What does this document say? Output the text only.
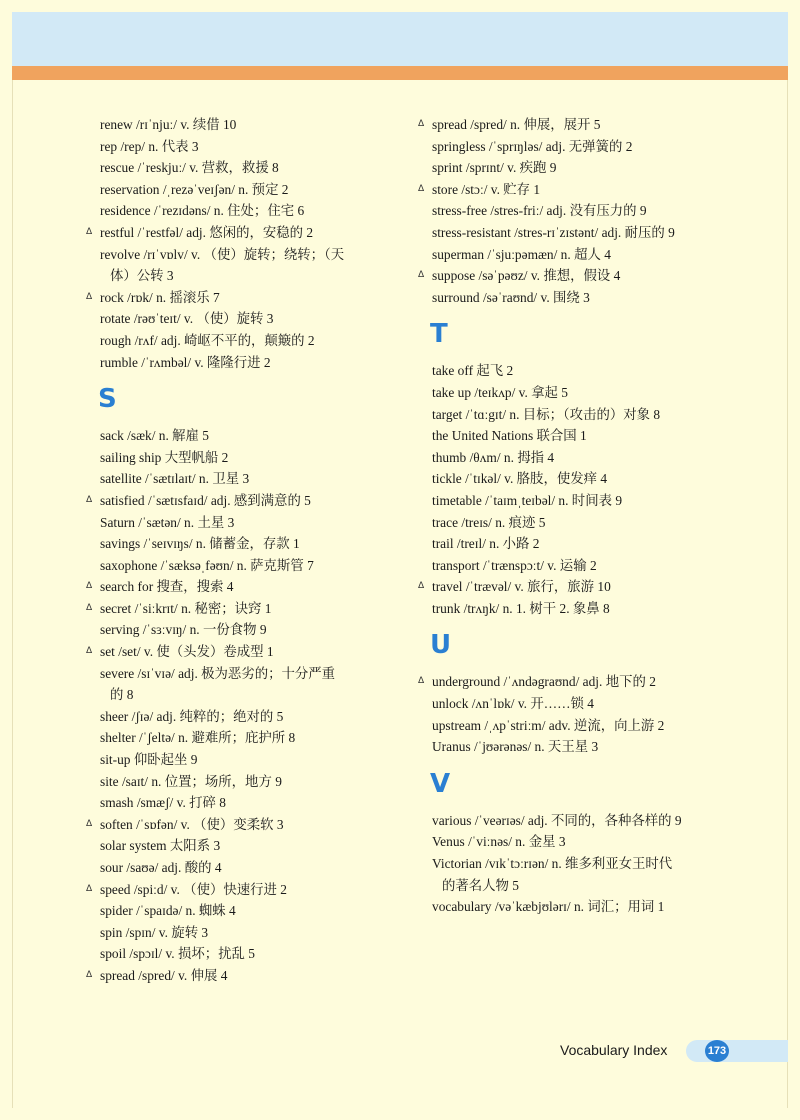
renew /rɪˈnjuː/ v. 续借 10
rep /rep/ n. 代表 3
rescue /ˈreskjuː/ v. 营救，救援 8
reservation /ˌrezəˈveɪʃən/ n. 预定 2
residence /ˈrezɪdəns/ n. 住处；住宅 6
Δ restful /ˈrestfəl/ adj. 悠闲的，安稳的 2
revolve /rɪˈvɒlv/ v. （使）旋转；绕转；（天
体）公转 3
Δ rock /rɒk/ n. 摇滚乐 7
rotate /rəʊˈteɪt/ v. （使）旋转 3
rough /rʌf/ adj. 崎岖不平的，颠簸的 2
rumble /ˈrʌmbəl/ v. 隆隆行进 2
S
sack /sæk/ n. 解雇 5
sailing ship 大型帆船 2
satellite /ˈsætɪlaɪt/ n. 卫星 3
Δ satisfied /ˈsætɪsfaɪd/ adj. 感到满意的 5
Saturn /ˈsætən/ n. 土星 3
savings /ˈseɪvɪŋs/ n. 储蓄金，存款 1
saxophone /ˈsæksəˌfəʊn/ n. 萨克斯管 7
Δ search for 搜查，搜索 4
Δ secret /ˈsiːkrɪt/ n. 秘密；诀窍 1
serving /ˈsɜːvɪŋ/ n. 一份食物 9
Δ set /set/ v. 使（头发）卷成型 1
severe /sɪˈvɪə/ adj. 极为恶劣的；十分严重
的 8
sheer /ʃɪə/ adj. 纯粹的；绝对的 5
shelter /ˈʃeltə/ n. 避难所；庇护所 8
sit-up 仰卧起坐 9
site /saɪt/ n. 位置；场所，地方 9
smash /smæʃ/ v. 打碎 8
Δ soften /ˈsɒfən/ v. （使）变柔软 3
solar system 太阳系 3
sour /saʊə/ adj. 酸的 4
Δ speed /spiːd/ v. （使）快速行进 2
spider /ˈspaɪdə/ n. 蜘蛛 4
spin /spɪn/ v. 旋转 3
spoil /spɔɪl/ v. 损坏；扰乱 5
Δ spread /spred/ v. 伸展 4
Δ spread /spred/ n. 伸展，展开 5
springless /ˈsprɪŋləs/ adj. 无弹簧的 2
sprint /sprɪnt/ v. 疾跑 9
Δ store /stɔː/ v. 贮存 1
stress-free /stres-friː/ adj. 没有压力的 9
stress-resistant /stres-rɪˈzɪstənt/ adj. 耐压的 9
superman /ˈsjuːpəmæn/ n. 超人 4
Δ suppose /səˈpəʊz/ v. 推想，假设 4
surround /səˈraʊnd/ v. 围绕 3
T
take off 起飞 2
take up /teɪkʌp/ v. 拿起 5
target /ˈtɑːgɪt/ n. 目标；（攻击的）对象 8
the United Nations 联合国 1
thumb /θʌm/ n. 拇指 4
tickle /ˈtɪkəl/ v. 胳肢，使发痒 4
timetable /ˈtaɪmˌteɪbəl/ n. 时间表 9
trace /treɪs/ n. 痕迹 5
trail /treɪl/ n. 小路 2
transport /ˈtrænspɔːt/ v. 运输 2
Δ travel /ˈtrævəl/ v. 旅行，旅游 10
trunk /trʌŋk/ n. 1. 树干 2. 象鼻 8
U
Δ underground /ˈʌndəgraʊnd/ adj. 地下的 2
unlock /ʌnˈlɒk/ v. 开……锁 4
upstream /ˌʌpˈstriːm/ adv. 逆流，向上游 2
Uranus /ˈjʊərənəs/ n. 天王星 3
V
various /ˈveərɪəs/ adj. 不同的，各种各样的 9
Venus /ˈviːnəs/ n. 金星 3
Victorian /vɪkˈtɔːrɪən/ n. 维多利亚女王时代
的著名人物 5
vocabulary /vəˈkæbjʊlərɪ/ n. 词汇；用词 1
Vocabulary Index	173
